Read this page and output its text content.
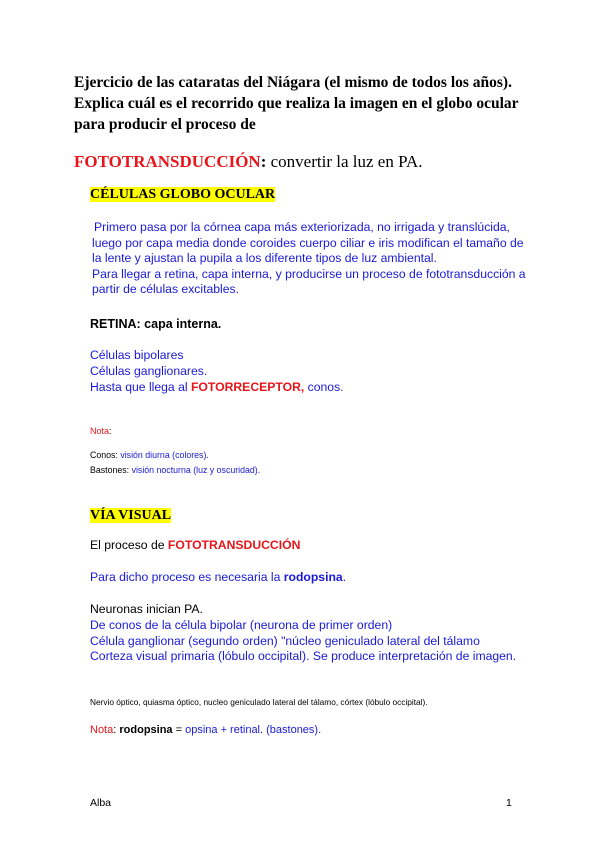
Ejercicio de las cataratas del Niágara (el mismo de todos los años).
Explica cuál es el recorrido que realiza la imagen en el globo ocular
para producir el proceso de
FOTOTRANSDUCCIÓN: convertir la luz en PA.
CÉLULAS GLOBO OCULAR
Primero pasa por la córnea capa más exteriorizada, no irrigada y translúcida,
luego por capa media donde coroides cuerpo ciliar e iris modifican el tamaño de
la lente y ajustan la pupila a los diferente tipos de luz ambiental.
Para llegar a retina, capa interna, y producirse un proceso de fototransducción a
partir de células excitables.
RETINA: capa interna.
Células bipolares
Células ganglionares.
Hasta que llega al FOTORRECEPTOR, conos.
Nota:
Conos: visión diurna (colores).
Bastones: visión nocturna (luz y oscuridad).
VÍA VISUAL
El proceso de FOTOTRANSDUCCIÓN
Para dicho proceso es necesaria la rodopsina.
Neuronas inician PA.
De conos de la célula bipolar (neurona de primer orden)
Célula ganglionar (segundo orden) "núcleo geniculado lateral del tálamo
Corteza visual primaria (lóbulo occipital). Se produce interpretación de imagen.
Nervio óptico, quiasma óptico, nucleo geniculado lateral del tálamo, córtex (lóbulo occipital).
Nota: rodopsina = opsina + retinal. (bastones).
Alba	1
